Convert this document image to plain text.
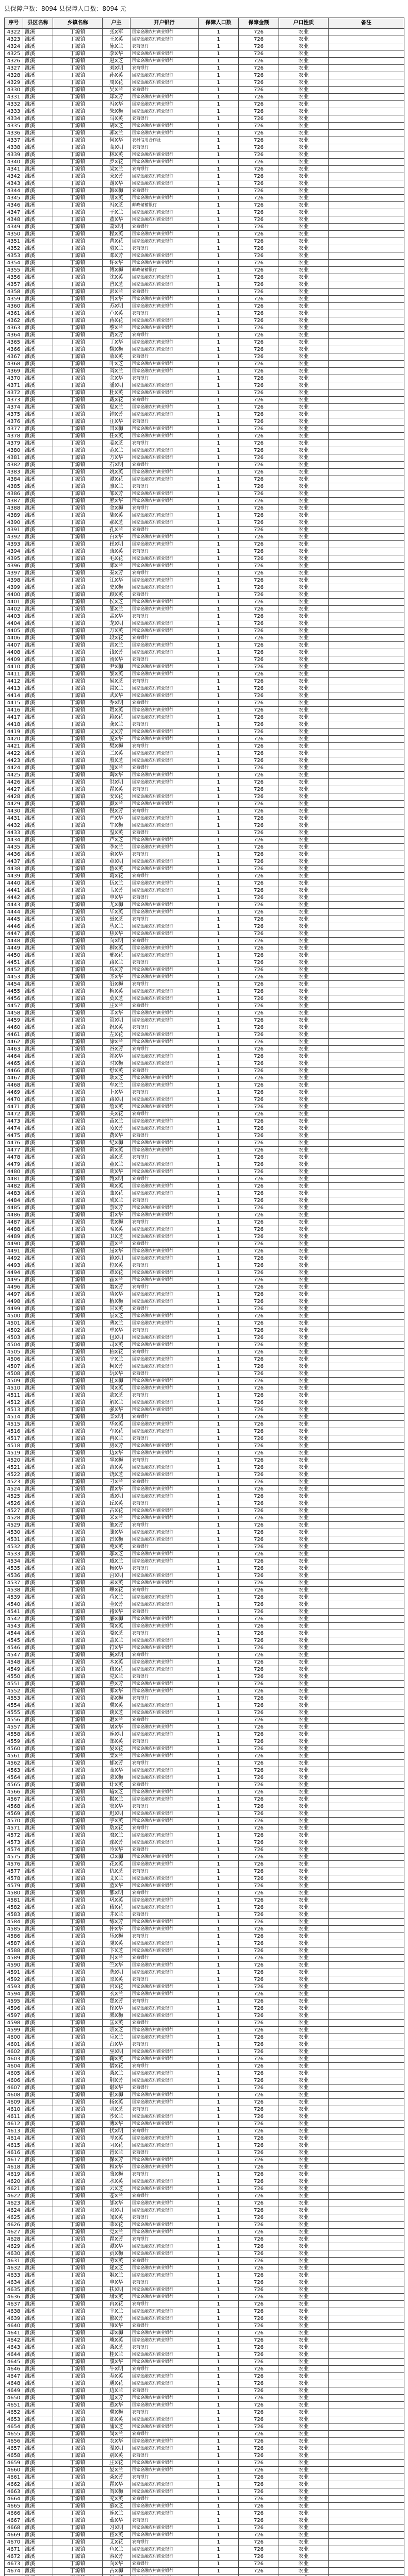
县保障户数：8094 县保障人口数：8094 元
序号	县区名称	乡镇名称	户主	开户银行	保障人口数	保障金额	户口性质	备注
4322	濉溪	丁源镇	张X军	国家金融农村商业银行	1	726	农业	
4323	濉溪	丁源镇	王X英	国家金融农村商业银行	1	726	农业	
4324	濉溪	丁源镇	陈X兰	农商银行	1	726	农业	
4325	濉溪	丁源镇	李X华	国家金融农村商业银行	1	726	农业	
4326	濉溪	丁源镇	赵X芝	国家金融农村商业银行	1	726	农业	
4327	濉溪	丁源镇	刘X明	农商银行	1	726	农业	
4328	濉溪	丁源镇	孙X英	国家金融农村商业银行	1	726	农业	
4329	濉溪	丁源镇	周X花	国家金融农村商业银行	1	726	农业	
4330	濉溪	丁源镇	吴X兰	农商银行	1	726	农业	
4331	濉溪	丁源镇	郑X芳	国家金融农村商业银行	1	726	农业	
4332	濉溪	丁源镇	冯X华	国家金融农村商业银行	1	726	农业	
4333	濉溪	丁源镇	朱X梅	国家金融农村商业银行	1	726	农业	
4334	濉溪	丁源镇	马X英	农商银行	1	726	农业	
4335	濉溪	丁源镇	胡X芝	国家金融农村商业银行	1	726	农业	
4336	濉溪	丁源镇	郭X兰	国家金融农村商业银行	1	726	农业	
4337	濉溪	丁源镇	何X华	农村信用合作社	1	726	农业	
4338	濉溪	丁源镇	高X明	农商银行	1	726	农业	
4339	濉溪	丁源镇	林X英	国家金融农村商业银行	1	726	农业	
4340	濉溪	丁源镇	罗X花	国家金融农村商业银行	1	726	农业	
4341	濉溪	丁源镇	梁X兰	农商银行	1	726	农业	
4342	濉溪	丁源镇	宋X芳	国家金融农村商业银行	1	726	农业	
4343	濉溪	丁源镇	谢X华	国家金融农村商业银行	1	726	农业	
4344	濉溪	丁源镇	韩X梅	农商银行	1	726	农业	
4345	濉溪	丁源镇	唐X英	国家金融农村商业银行	1	726	农业	
4346	濉溪	丁源镇	冯X芝	邮政储蓄银行	1	726	农业	
4347	濉溪	丁源镇	于X兰	国家金融农村商业银行	1	726	农业	
4348	濉溪	丁源镇	董X华	国家金融农村商业银行	1	726	农业	
4349	濉溪	丁源镇	萧X明	农商银行	1	726	农业	
4350	濉溪	丁源镇	程X英	国家金融农村商业银行	1	726	农业	
4351	濉溪	丁源镇	曹X花	国家金融农村商业银行	1	726	农业	
4352	濉溪	丁源镇	袁X兰	农商银行	1	726	农业	
4353	濉溪	丁源镇	邓X芳	国家金融农村商业银行	1	726	农业	
4354	濉溪	丁源镇	许X华	国家金融农村商业银行	1	726	农业	
4355	濉溪	丁源镇	傅X梅	邮政储蓄银行	1	726	农业	
4356	濉溪	丁源镇	沈X英	国家金融农村商业银行	1	726	农业	
4357	濉溪	丁源镇	曾X芝	国家金融农村商业银行	1	726	农业	
4358	濉溪	丁源镇	彭X兰	农商银行	1	726	农业	
4359	濉溪	丁源镇	吕X华	国家金融农村商业银行	1	726	农业	
4360	濉溪	丁源镇	苏X明	国家金融农村商业银行	1	726	农业	
4361	濉溪	丁源镇	卢X英	农商银行	1	726	农业	
4362	濉溪	丁源镇	蒋X花	国家金融农村商业银行	1	726	农业	
4363	濉溪	丁源镇	蔡X兰	国家金融农村商业银行	1	726	农业	
4364	濉溪	丁源镇	贾X芳	农商银行	1	726	农业	
4365	濉溪	丁源镇	丁X华	国家金融农村商业银行	1	726	农业	
4366	濉溪	丁源镇	魏X梅	国家金融农村商业银行	1	726	农业	
4367	濉溪	丁源镇	薛X英	农商银行	1	726	农业	
4368	濉溪	丁源镇	叶X芝	国家金融农村商业银行	1	726	农业	
4369	濉溪	丁源镇	阎X兰	国家金融农村商业银行	1	726	农业	
4370	濉溪	丁源镇	余X华	农商银行	1	726	农业	
4371	濉溪	丁源镇	潘X明	国家金融农村商业银行	1	726	农业	
4372	濉溪	丁源镇	杜X英	国家金融农村商业银行	1	726	农业	
4373	濉溪	丁源镇	戴X花	农商银行	1	726	农业	
4374	濉溪	丁源镇	夏X兰	国家金融农村商业银行	1	726	农业	
4375	濉溪	丁源镇	钟X芳	国家金融农村商业银行	1	726	农业	
4376	濉溪	丁源镇	汪X华	农商银行	1	726	农业	
4377	濉溪	丁源镇	田X梅	国家金融农村商业银行	1	726	农业	
4378	濉溪	丁源镇	任X英	国家金融农村商业银行	1	726	农业	
4379	濉溪	丁源镇	姜X芝	农商银行	1	726	农业	
4380	濉溪	丁源镇	范X兰	国家金融农村商业银行	1	726	农业	
4381	濉溪	丁源镇	方X华	国家金融农村商业银行	1	726	农业	
4382	濉溪	丁源镇	石X明	农商银行	1	726	农业	
4383	濉溪	丁源镇	姚X英	国家金融农村商业银行	1	726	农业	
4384	濉溪	丁源镇	谭X花	国家金融农村商业银行	1	726	农业	
4385	濉溪	丁源镇	廖X兰	农商银行	1	726	农业	
4386	濉溪	丁源镇	邹X芳	国家金融农村商业银行	1	726	农业	
4387	濉溪	丁源镇	熊X华	国家金融农村商业银行	1	726	农业	
4388	濉溪	丁源镇	金X梅	农商银行	1	726	农业	
4389	濉溪	丁源镇	陆X英	国家金融农村商业银行	1	726	农业	
4390	濉溪	丁源镇	郝X芝	国家金融农村商业银行	1	726	农业	
4391	濉溪	丁源镇	孔X兰	农商银行	1	726	农业	
4392	濉溪	丁源镇	白X华	国家金融农村商业银行	1	726	农业	
4393	濉溪	丁源镇	崔X明	国家金融农村商业银行	1	726	农业	
4394	濉溪	丁源镇	康X英	农商银行	1	726	农业	
4395	濉溪	丁源镇	毛X花	国家金融农村商业银行	1	726	农业	
4396	濉溪	丁源镇	邱X兰	国家金融农村商业银行	1	726	农业	
4397	濉溪	丁源镇	秦X芳	农商银行	1	726	农业	
4398	濉溪	丁源镇	江X华	国家金融农村商业银行	1	726	农业	
4399	濉溪	丁源镇	史X梅	国家金融农村商业银行	1	726	农业	
4400	濉溪	丁源镇	顾X英	农商银行	1	726	农业	
4401	濉溪	丁源镇	侯X芝	国家金融农村商业银行	1	726	农业	
4402	濉溪	丁源镇	邵X兰	国家金融农村商业银行	1	726	农业	
4403	濉溪	丁源镇	孟X华	农商银行	1	726	农业	
4404	濉溪	丁源镇	龙X明	国家金融农村商业银行	1	726	农业	
4405	濉溪	丁源镇	万X英	国家金融农村商业银行	1	726	农业	
4406	濉溪	丁源镇	段X花	农商银行	1	726	农业	
4407	濉溪	丁源镇	雷X兰	国家金融农村商业银行	1	726	农业	
4408	濉溪	丁源镇	钱X芳	国家金融农村商业银行	1	726	农业	
4409	濉溪	丁源镇	汤X华	农商银行	1	726	农业	
4410	濉溪	丁源镇	尹X梅	国家金融农村商业银行	1	726	农业	
4411	濉溪	丁源镇	黎X英	国家金融农村商业银行	1	726	农业	
4412	濉溪	丁源镇	易X芝	农商银行	1	726	农业	
4413	濉溪	丁源镇	常X兰	国家金融农村商业银行	1	726	农业	
4414	濉溪	丁源镇	武X华	国家金融农村商业银行	1	726	农业	
4415	濉溪	丁源镇	乔X明	农商银行	1	726	农业	
4416	濉溪	丁源镇	贺X英	国家金融农村商业银行	1	726	农业	
4417	濉溪	丁源镇	赖X花	国家金融农村商业银行	1	726	农业	
4418	濉溪	丁源镇	龚X兰	农商银行	1	726	农业	
4419	濉溪	丁源镇	文X芳	国家金融农村商业银行	1	726	农业	
4420	濉溪	丁源镇	庞X华	国家金融农村商业银行	1	726	农业	
4421	濉溪	丁源镇	樊X梅	农商银行	1	726	农业	
4422	濉溪	丁源镇	兰X英	国家金融农村商业银行	1	726	农业	
4423	濉溪	丁源镇	殷X芝	国家金融农村商业银行	1	726	农业	
4424	濉溪	丁源镇	施X兰	农商银行	1	726	农业	
4425	濉溪	丁源镇	陶X华	国家金融农村商业银行	1	726	农业	
4426	濉溪	丁源镇	洪X明	国家金融农村商业银行	1	726	农业	
4427	濉溪	丁源镇	翟X英	农商银行	1	726	农业	
4428	濉溪	丁源镇	安X花	国家金融农村商业银行	1	726	农业	
4429	濉溪	丁源镇	颜X兰	国家金融农村商业银行	1	726	农业	
4430	濉溪	丁源镇	倪X芳	农商银行	1	726	农业	
4431	濉溪	丁源镇	严X华	国家金融农村商业银行	1	726	农业	
4432	濉溪	丁源镇	牛X梅	国家金融农村商业银行	1	726	农业	
4433	濉溪	丁源镇	温X英	农商银行	1	726	农业	
4434	濉溪	丁源镇	芦X芝	国家金融农村商业银行	1	726	农业	
4435	濉溪	丁源镇	季X兰	国家金融农村商业银行	1	726	农业	
4436	濉溪	丁源镇	俞X华	农商银行	1	726	农业	
4437	濉溪	丁源镇	章X明	国家金融农村商业银行	1	726	农业	
4438	濉溪	丁源镇	鲁X英	国家金融农村商业银行	1	726	农业	
4439	濉溪	丁源镇	葛X花	农商银行	1	726	农业	
4440	濉溪	丁源镇	伍X兰	国家金融农村商业银行	1	726	农业	
4441	濉溪	丁源镇	韦X芳	国家金融农村商业银行	1	726	农业	
4442	濉溪	丁源镇	申X华	农商银行	1	726	农业	
4443	濉溪	丁源镇	尤X梅	国家金融农村商业银行	1	726	农业	
4444	濉溪	丁源镇	毕X英	国家金融农村商业银行	1	726	农业	
4445	濉溪	丁源镇	聂X芝	农商银行	1	726	农业	
4446	濉溪	丁源镇	丛X兰	国家金融农村商业银行	1	726	农业	
4447	濉溪	丁源镇	焦X华	国家金融农村商业银行	1	726	农业	
4448	濉溪	丁源镇	向X明	农商银行	1	726	农业	
4449	濉溪	丁源镇	柳X英	国家金融农村商业银行	1	726	农业	
4450	濉溪	丁源镇	邢X花	国家金融农村商业银行	1	726	农业	
4451	濉溪	丁源镇	路X兰	农商银行	1	726	农业	
4452	濉溪	丁源镇	岳X芳	国家金融农村商业银行	1	726	农业	
4453	濉溪	丁源镇	齐X华	国家金融农村商业银行	1	726	农业	
4454	濉溪	丁源镇	沿X梅	农商银行	1	726	农业	
4455	濉溪	丁源镇	梅X英	国家金融农村商业银行	1	726	农业	
4456	濉溪	丁源镇	莫X芝	国家金融农村商业银行	1	726	农业	
4457	濉溪	丁源镇	庄X兰	农商银行	1	726	农业	
4458	濉溪	丁源镇	辛X华	国家金融农村商业银行	1	726	农业	
4459	濉溪	丁源镇	管X明	国家金融农村商业银行	1	726	农业	
4460	濉溪	丁源镇	祝X英	农商银行	1	726	农业	
4461	濉溪	丁源镇	左X花	国家金融农村商业银行	1	726	农业	
4462	濉溪	丁源镇	涂X兰	国家金融农村商业银行	1	726	农业	
4463	濉溪	丁源镇	谷X芳	农商银行	1	726	农业	
4464	濉溪	丁源镇	祁X华	国家金融农村商业银行	1	726	农业	
4465	濉溪	丁源镇	时X梅	国家金融农村商业银行	1	726	农业	
4466	濉溪	丁源镇	舒X英	农商银行	1	726	农业	
4467	濉溪	丁源镇	耿X芝	国家金融农村商业银行	1	726	农业	
4468	濉溪	丁源镇	牟X兰	国家金融农村商业银行	1	726	农业	
4469	濉溪	丁源镇	卜X华	农商银行	1	726	农业	
4470	濉溪	丁源镇	路X明	国家金融农村商业银行	1	726	农业	
4471	濉溪	丁源镇	詹X英	国家金融农村商业银行	1	726	农业	
4472	濉溪	丁源镇	关X花	农商银行	1	726	农业	
4473	濉溪	丁源镇	苗X兰	国家金融农村商业银行	1	726	农业	
4474	濉溪	丁源镇	凌X芳	国家金融农村商业银行	1	726	农业	
4475	濉溪	丁源镇	费X华	农商银行	1	726	农业	
4476	濉溪	丁源镇	纪X梅	国家金融农村商业银行	1	726	农业	
4477	濉溪	丁源镇	靳X英	国家金融农村商业银行	1	726	农业	
4478	濉溪	丁源镇	盛X芝	农商银行	1	726	农业	
4479	濉溪	丁源镇	童X兰	国家金融农村商业银行	1	726	农业	
4480	濉溪	丁源镇	欧X华	国家金融农村商业银行	1	726	农业	
4481	濉溪	丁源镇	甄X明	农商银行	1	726	农业	
4482	濉溪	丁源镇	项X英	国家金融农村商业银行	1	726	农业	
4483	濉溪	丁源镇	曲X花	国家金融农村商业银行	1	726	农业	
4484	濉溪	丁源镇	成X兰	农商银行	1	726	农业	
4485	濉溪	丁源镇	游X芳	国家金融农村商业银行	1	726	农业	
4486	濉溪	丁源镇	阳X华	国家金融农村商业银行	1	726	农业	
4487	濉溪	丁源镇	裴X梅	农商银行	1	726	农业	
4488	濉溪	丁源镇	席X英	国家金融农村商业银行	1	726	农业	
4489	濉溪	丁源镇	卫X芝	国家金融农村商业银行	1	726	农业	
4490	濉溪	丁源镇	查X兰	农商银行	1	726	农业	
4491	濉溪	丁源镇	屈X华	国家金融农村商业银行	1	726	农业	
4492	濉溪	丁源镇	鲍X明	国家金融农村商业银行	1	726	农业	
4493	濉溪	丁源镇	位X英	农商银行	1	726	农业	
4494	濉溪	丁源镇	覃X花	国家金融农村商业银行	1	726	农业	
4495	濉溪	丁源镇	霍X兰	国家金融农村商业银行	1	726	农业	
4496	濉溪	丁源镇	翁X芳	农商银行	1	726	农业	
4497	濉溪	丁源镇	隋X华	国家金融农村商业银行	1	726	农业	
4498	濉溪	丁源镇	植X梅	国家金融农村商业银行	1	726	农业	
4499	濉溪	丁源镇	甘X英	农商银行	1	726	农业	
4500	濉溪	丁源镇	景X芝	国家金融农村商业银行	1	726	农业	
4501	濉溪	丁源镇	薄X兰	国家金融农村商业银行	1	726	农业	
4502	濉溪	丁源镇	单X华	农商银行	1	726	农业	
4503	濉溪	丁源镇	包X明	国家金融农村商业银行	1	726	农业	
4504	濉溪	丁源镇	司X英	国家金融农村商业银行	1	726	农业	
4505	濉溪	丁源镇	柏X花	农商银行	1	726	农业	
4506	濉溪	丁源镇	宁X兰	国家金融农村商业银行	1	726	农业	
4507	濉溪	丁源镇	柯X芳	国家金融农村商业银行	1	726	农业	
4508	濉溪	丁源镇	阮X华	农商银行	1	726	农业	
4509	濉溪	丁源镇	桂X梅	国家金融农村商业银行	1	726	农业	
4510	濉溪	丁源镇	闵X英	国家金融农村商业银行	1	726	农业	
4511	濉溪	丁源镇	欧X芝	农商银行	1	726	农业	
4512	濉溪	丁源镇	解X兰	国家金融农村商业银行	1	726	农业	
4513	濉溪	丁源镇	强X华	国家金融农村商业银行	1	726	农业	
4514	濉溪	丁源镇	柴X明	农商银行	1	726	农业	
4515	濉溪	丁源镇	华X英	国家金融农村商业银行	1	726	农业	
4516	濉溪	丁源镇	车X花	国家金融农村商业银行	1	726	农业	
4517	濉溪	丁源镇	冉X兰	农商银行	1	726	农业	
4518	濉溪	丁源镇	房X芳	国家金融农村商业银行	1	726	农业	
4519	濉溪	丁源镇	边X华	国家金融农村商业银行	1	726	农业	
4520	濉溪	丁源镇	辜X梅	农商银行	1	726	农业	
4521	濉溪	丁源镇	吉X英	国家金融农村商业银行	1	726	农业	
4522	濉溪	丁源镇	饶X芝	国家金融农村商业银行	1	726	农业	
4523	濉溪	丁源镇	刁X兰	农商银行	1	726	农业	
4524	濉溪	丁源镇	瞿X华	国家金融农村商业银行	1	726	农业	
4525	濉溪	丁源镇	戚X明	国家金融农村商业银行	1	726	农业	
4526	濉溪	丁源镇	丘X英	农商银行	1	726	农业	
4527	濉溪	丁源镇	古X花	国家金融农村商业银行	1	726	农业	
4528	濉溪	丁源镇	米X兰	国家金融农村商业银行	1	726	农业	
4529	濉溪	丁源镇	池X芳	农商银行	1	726	农业	
4530	濉溪	丁源镇	滕X华	国家金融农村商业银行	1	726	农业	
4531	濉溪	丁源镇	晋X梅	国家金融农村商业银行	1	726	农业	
4532	濉溪	丁源镇	苑X英	农商银行	1	726	农业	
4533	濉溪	丁源镇	邬X芝	国家金融农村商业银行	1	726	农业	
4534	濉溪	丁源镇	臧X兰	国家金融农村商业银行	1	726	农业	
4535	濉溪	丁源镇	畅X华	农商银行	1	726	农业	
4536	濉溪	丁源镇	宫X明	国家金融农村商业银行	1	726	农业	
4537	濉溪	丁源镇	来X英	国家金融农村商业银行	1	726	农业	
4538	濉溪	丁源镇	嵺X花	农商银行	1	726	农业	
4539	濉溪	丁源镇	苟X兰	国家金融农村商业银行	1	726	农业	
4540	濉溪	丁源镇	全X芳	国家金融农村商业银行	1	726	农业	
4541	濉溪	丁源镇	褚X华	农商银行	1	726	农业	
4542	濉溪	丁源镇	廉X梅	国家金融农村商业银行	1	726	农业	
4543	濉溪	丁源镇	简X英	国家金融农村商业银行	1	726	农业	
4544	濉溪	丁源镇	娄X芝	农商银行	1	726	农业	
4545	濉溪	丁源镇	盖X兰	国家金融农村商业银行	1	726	农业	
4546	濉溪	丁源镇	符X华	国家金融农村商业银行	1	726	农业	
4547	濉溪	丁源镇	奚X明	农商银行	1	726	农业	
4548	濉溪	丁源镇	木X英	国家金融农村商业银行	1	726	农业	
4549	濉溪	丁源镇	穆X花	国家金融农村商业银行	1	726	农业	
4550	濉溪	丁源镇	党X兰	农商银行	1	726	农业	
4551	濉溪	丁源镇	燕X芳	国家金融农村商业银行	1	726	农业	
4552	濉溪	丁源镇	郎X华	国家金融农村商业银行	1	726	农业	
4553	濉溪	丁源镇	邸X梅	农商银行	1	726	农业	
4554	濉溪	丁源镇	冀X英	国家金融农村商业银行	1	726	农业	
4555	濉溪	丁源镇	谈X芝	国家金融农村商业银行	1	726	农业	
4556	濉溪	丁源镇	姬X兰	农商银行	1	726	农业	
4557	濉溪	丁源镇	屠X华	国家金融农村商业银行	1	726	农业	
4558	濉溪	丁源镇	连X明	国家金融农村商业银行	1	726	农业	
4559	濉溪	丁源镇	郜X英	农商银行	1	726	农业	
4560	濉溪	丁源镇	晏X花	国家金融农村商业银行	1	726	农业	
4561	濉溪	丁源镇	栾X兰	国家金融农村商业银行	1	726	农业	
4562	濉溪	丁源镇	郁X芳	农商银行	1	726	农业	
4563	濉溪	丁源镇	商X华	国家金融农村商业银行	1	726	农业	
4564	濉溪	丁源镇	蒙X梅	国家金融农村商业银行	1	726	农业	
4565	濉溪	丁源镇	计X英	农商银行	1	726	农业	
4566	濉溪	丁源镇	喻X芝	国家金融农村商业银行	1	726	农业	
4567	濉溪	丁源镇	揭X兰	国家金融农村商业银行	1	726	农业	
4568	濉溪	丁源镇	窦X华	农商银行	1	726	农业	
4569	濉溪	丁源镇	迟X明	国家金融农村商业银行	1	726	农业	
4570	濉溪	丁源镇	宇X英	国家金融农村商业银行	1	726	农业	
4571	濉溪	丁源镇	敖X花	农商银行	1	726	农业	
4572	濉溪	丁源镇	糜X兰	国家金融农村商业银行	1	726	农业	
4573	濉溪	丁源镇	鄢X芳	国家金融农村商业银行	1	726	农业	
4574	濉溪	丁源镇	冷X华	农商银行	1	726	农业	
4575	濉溪	丁源镇	卓X梅	国家金融农村商业银行	1	726	农业	
4576	濉溪	丁源镇	花X英	国家金融农村商业银行	1	726	农业	
4577	濉溪	丁源镇	仇X芝	农商银行	1	726	农业	
4578	濉溪	丁源镇	艾X兰	国家金融农村商业银行	1	726	农业	
4579	濉溪	丁源镇	蓝X华	国家金融农村商业银行	1	726	农业	
4580	濉溪	丁源镇	都X明	农商银行	1	726	农业	
4581	濉溪	丁源镇	巩X英	国家金融农村商业银行	1	726	农业	
4582	濉溪	丁源镇	稽X花	国家金融农村商业银行	1	726	农业	
4583	濉溪	丁源镇	井X兰	农商银行	1	726	农业	
4584	濉溪	丁源镇	练X芳	国家金融农村商业银行	1	726	农业	
4585	濉溪	丁源镇	仲X华	国家金融农村商业银行	1	726	农业	
4586	濉溪	丁源镇	乐X梅	农商银行	1	726	农业	
4587	濉溪	丁源镇	虞X英	国家金融农村商业银行	1	726	农业	
4588	濉溪	丁源镇	卞X芝	国家金融农村商业银行	1	726	农业	
4589	濉溪	丁源镇	封X兰	农商银行	1	726	农业	
4590	濉溪	丁源镇	竺X华	国家金融农村商业银行	1	726	农业	
4591	濉溪	丁源镇	冼X明	国家金融农村商业银行	1	726	农业	
4592	濉溪	丁源镇	原X英	农商银行	1	726	农业	
4593	濉溪	丁源镇	官X花	国家金融农村商业银行	1	726	农业	
4594	濉溪	丁源镇	衣X兰	国家金融农村商业银行	1	726	农业	
4595	濉溪	丁源镇	楚X芳	农商银行	1	726	农业	
4596	濉溪	丁源镇	佟X华	国家金融农村商业银行	1	726	农业	
4597	濉溪	丁源镇	栗X梅	国家金融农村商业银行	1	726	农业	
4598	濉溪	丁源镇	匡X英	农商银行	1	726	农业	
4599	濉溪	丁源镇	宗X芝	国家金融农村商业银行	1	726	农业	
4600	濉溪	丁源镇	应X兰	国家金融农村商业银行	1	726	农业	
4601	濉溪	丁源镇	台X华	农商银行	1	726	农业	
4602	濉溪	丁源镇	巫X明	国家金融农村商业银行	1	726	农业	
4603	濉溪	丁源镇	鞠X英	国家金融农村商业银行	1	726	农业	
4604	濉溪	丁源镇	僧X花	农商银行	1	726	农业	
4605	濉溪	丁源镇	桑X兰	国家金融农村商业银行	1	726	农业	
4606	濉溪	丁源镇	荆X芳	国家金融农村商业银行	1	726	农业	
4607	濉溪	丁源镇	谌X华	农商银行	1	726	农业	
4608	濉溪	丁源镇	银X梅	国家金融农村商业银行	1	726	农业	
4609	濉溪	丁源镇	扬X英	国家金融农村商业银行	1	726	农业	
4610	濉溪	丁源镇	明X芝	农商银行	1	726	农业	
4611	濉溪	丁源镇	沙X兰	国家金融农村商业银行	1	726	农业	
4612	濉溪	丁源镇	薄X华	国家金融农村商业银行	1	726	农业	
4613	濉溪	丁源镇	伏X明	农商银行	1	726	农业	
4614	濉溪	丁源镇	岑X英	国家金融农村商业银行	1	726	农业	
4615	濉溪	丁源镇	习X花	国家金融农村商业银行	1	726	农业	
4616	濉溪	丁源镇	胥X兰	农商银行	1	726	农业	
4617	濉溪	丁源镇	保X芳	国家金融农村商业银行	1	726	农业	
4618	濉溪	丁源镇	和X华	国家金融农村商业银行	1	726	农业	
4619	濉溪	丁源镇	蔺X梅	农商银行	1	726	农业	
4620	濉溪	丁源镇	水X英	国家金融农村商业银行	1	726	农业	
4621	濉溪	丁源镇	云X芝	国家金融农村商业银行	1	726	农业	
4622	濉溪	丁源镇	苍X兰	农商银行	1	726	农业	
4623	濉溪	丁源镇	邰X华	国家金融农村商业银行	1	726	农业	
4624	濉溪	丁源镇	双X明	国家金融农村商业银行	1	726	农业	
4625	濉溪	丁源镇	闻X英	农商银行	1	726	农业	
4626	濉溪	丁源镇	莘X花	国家金融农村商业银行	1	726	农业	
4627	濉溪	丁源镇	党X兰	国家金融农村商业银行	1	726	农业	
4628	濉溪	丁源镇	翟X芳	农商银行	1	726	农业	
4629	濉溪	丁源镇	谭X华	国家金融农村商业银行	1	726	农业	
4630	濉溪	丁源镇	贡X梅	国家金融农村商业银行	1	726	农业	
4631	濉溪	丁源镇	劳X英	农商银行	1	726	农业	
4632	濉溪	丁源镇	逄X芝	国家金融农村商业银行	1	726	农业	
4633	濉溪	丁源镇	姬X兰	国家金融农村商业银行	1	726	农业	
4634	濉溪	丁源镇	申X华	农商银行	1	726	农业	
4635	濉溪	丁源镇	扶X明	国家金融农村商业银行	1	726	农业	
4636	濉溪	丁源镇	堵X英	国家金融农村商业银行	1	726	农业	
4637	濉溪	丁源镇	冉X花	农商银行	1	726	农业	
4638	濉溪	丁源镇	宰X兰	国家金融农村商业银行	1	726	农业	
4639	濉溪	丁源镇	郦X芳	国家金融农村商业银行	1	726	农业	
4640	濉溪	丁源镇	雍X华	农商银行	1	726	农业	
4641	濉溪	丁源镇	却X梅	国家金融农村商业银行	1	726	农业	
4642	濉溪	丁源镇	璩X英	国家金融农村商业银行	1	726	农业	
4643	濉溪	丁源镇	桑X芝	农商银行	1	726	农业	
4644	濉溪	丁源镇	桂X兰	国家金融农村商业银行	1	726	农业	
4645	濉溪	丁源镇	濮X华	国家金融农村商业银行	1	726	农业	
4646	濉溪	丁源镇	牛X明	农商银行	1	726	农业	
4647	濉溪	丁源镇	寿X英	国家金融农村商业银行	1	726	农业	
4648	濉溪	丁源镇	通X花	国家金融农村商业银行	1	726	农业	
4649	濉溪	丁源镇	边X兰	农商银行	1	726	农业	
4650	濉溪	丁源镇	扈X芳	国家金融农村商业银行	1	726	农业	
4651	濉溪	丁源镇	燕X华	国家金融农村商业银行	1	726	农业	
4652	濉溪	丁源镇	冀X梅	农商银行	1	726	农业	
4653	濉溪	丁源镇	郏X英	国家金融农村商业银行	1	726	农业	
4654	濉溪	丁源镇	浦X芝	国家金融农村商业银行	1	726	农业	
4655	濉溪	丁源镇	尚X兰	农商银行	1	726	农业	
4656	濉溪	丁源镇	农X华	国家金融农村商业银行	1	726	农业	
4657	濉溪	丁源镇	温X明	国家金融农村商业银行	1	726	农业	
4658	濉溪	丁源镇	别X英	农商银行	1	726	农业	
4659	濉溪	丁源镇	庄X花	国家金融农村商业银行	1	726	农业	
4660	濉溪	丁源镇	晏X兰	国家金融农村商业银行	1	726	农业	
4661	濉溪	丁源镇	柴X芳	农商银行	1	726	农业	
4662	濉溪	丁源镇	瞿X华	国家金融农村商业银行	1	726	农业	
4663	濉溪	丁源镇	阎X梅	国家金融农村商业银行	1	726	农业	
4664	濉溪	丁源镇	充X英	农商银行	1	726	农业	
4665	濉溪	丁源镇	慕X芝	国家金融农村商业银行	1	726	农业	
4666	濉溪	丁源镇	连X兰	国家金融农村商业银行	1	726	农业	
4667	濉溪	丁源镇	茹X华	农商银行	1	726	农业	
4668	濉溪	丁源镇	习X明	国家金融农村商业银行	1	726	农业	
4669	濉溪	丁源镇	宦X英	国家金融农村商业银行	1	726	农业	
4670	濉溪	丁源镇	艾X花	农商银行	1	726	农业	
4671	濉溪	丁源镇	鱼X兰	国家金融农村商业银行	1	726	农业	
4672	濉溪	丁源镇	容X芳	国家金融农村商业银行	1	726	农业	
4673	濉溪	丁源镇	向X华	农商银行	1	726	农业	
4674	濉溪	丁源镇	古X梅	国家金融农村商业银行	1	726	农业	
